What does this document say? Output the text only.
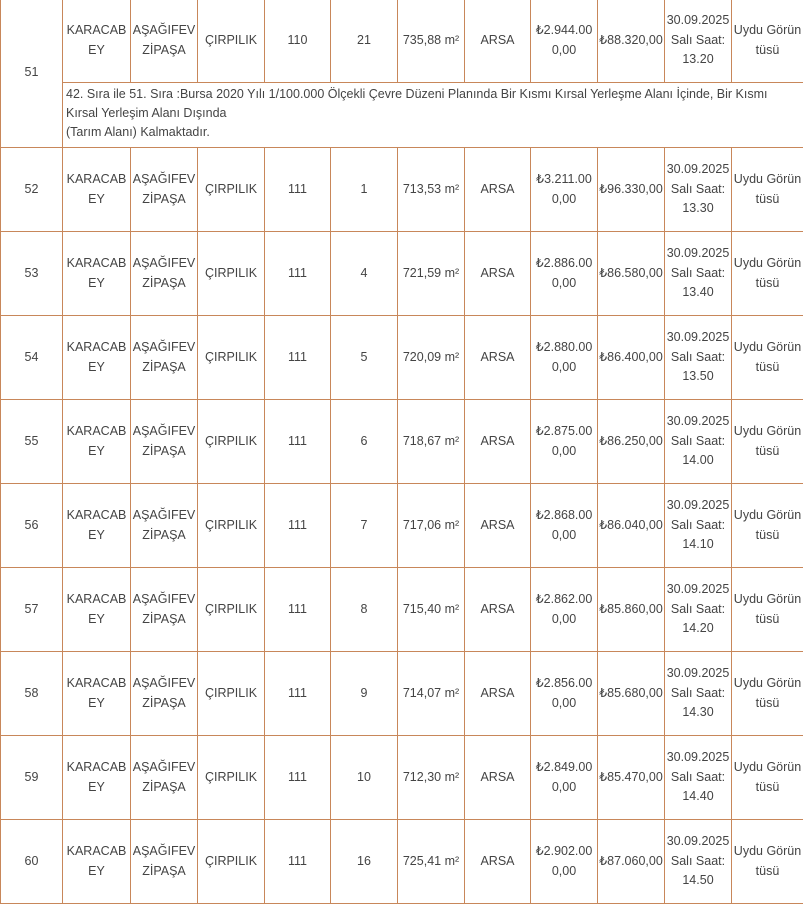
51	KARACABEY	AŞAĞIFEVZİPAŞA	ÇIRPILIK	110	21	735,88 m²	ARSA	₺2.944.000,00	₺88.320,00	30.09.2025 Salı Saat: 13.20	Uydu Görüntüsü

	42. Sıra ile 51. Sıra :Bursa 2020 Yılı 1/100.000 Ölçekli Çevre Düzeni Planında Bir Kısmı Kırsal Yerleşme Alanı İçinde, Bir Kısmı Kırsal Yerleşim Alanı Dışında
(Tarım Alanı) Kalmaktadır.										

52	KARACABEY	AŞAĞIFEVZİPAŞA	ÇIRPILIK	111	1	713,53 m²	ARSA	₺3.211.000,00	₺96.330,00	30.09.2025 Salı Saat: 13.30	Uydu Görüntüsü
53	KARACABEY	AŞAĞIFEVZİPAŞA	ÇIRPILIK	111	4	721,59 m²	ARSA	₺2.886.000,00	₺86.580,00	30.09.2025 Salı Saat: 13.40	Uydu Görüntüsü
54	KARACABEY	AŞAĞIFEVZİPAŞA	ÇIRPILIK	111	5	720,09 m²	ARSA	₺2.880.000,00	₺86.400,00	30.09.2025 Salı Saat: 13.50	Uydu Görüntüsü
55	KARACABEY	AŞAĞIFEVZİPAŞA	ÇIRPILIK	111	6	718,67 m²	ARSA	₺2.875.000,00	₺86.250,00	30.09.2025 Salı Saat: 14.00	Uydu Görüntüsü
56	KARACABEY	AŞAĞIFEVZİPAŞA	ÇIRPILIK	111	7	717,06 m²	ARSA	₺2.868.000,00	₺86.040,00	30.09.2025 Salı Saat: 14.10	Uydu Görüntüsü
57	KARACABEY	AŞAĞIFEVZİPAŞA	ÇIRPILIK	111	8	715,40 m²	ARSA	₺2.862.000,00	₺85.860,00	30.09.2025 Salı Saat: 14.20	Uydu Görüntüsü
58	KARACABEY	AŞAĞIFEVZİPAŞA	ÇIRPILIK	111	9	714,07 m²	ARSA	₺2.856.000,00	₺85.680,00	30.09.2025 Salı Saat: 14.30	Uydu Görüntüsü
59	KARACABEY	AŞAĞIFEVZİPAŞA	ÇIRPILIK	111	10	712,30 m²	ARSA	₺2.849.000,00	₺85.470,00	30.09.2025 Salı Saat: 14.40	Uydu Görüntüsü
60	KARACABEY	AŞAĞIFEVZİPAŞA	ÇIRPILIK	111	16	725,41 m²	ARSA	₺2.902.000,00	₺87.060,00	30.09.2025 Salı Saat: 14.50	Uydu Görüntüsü
